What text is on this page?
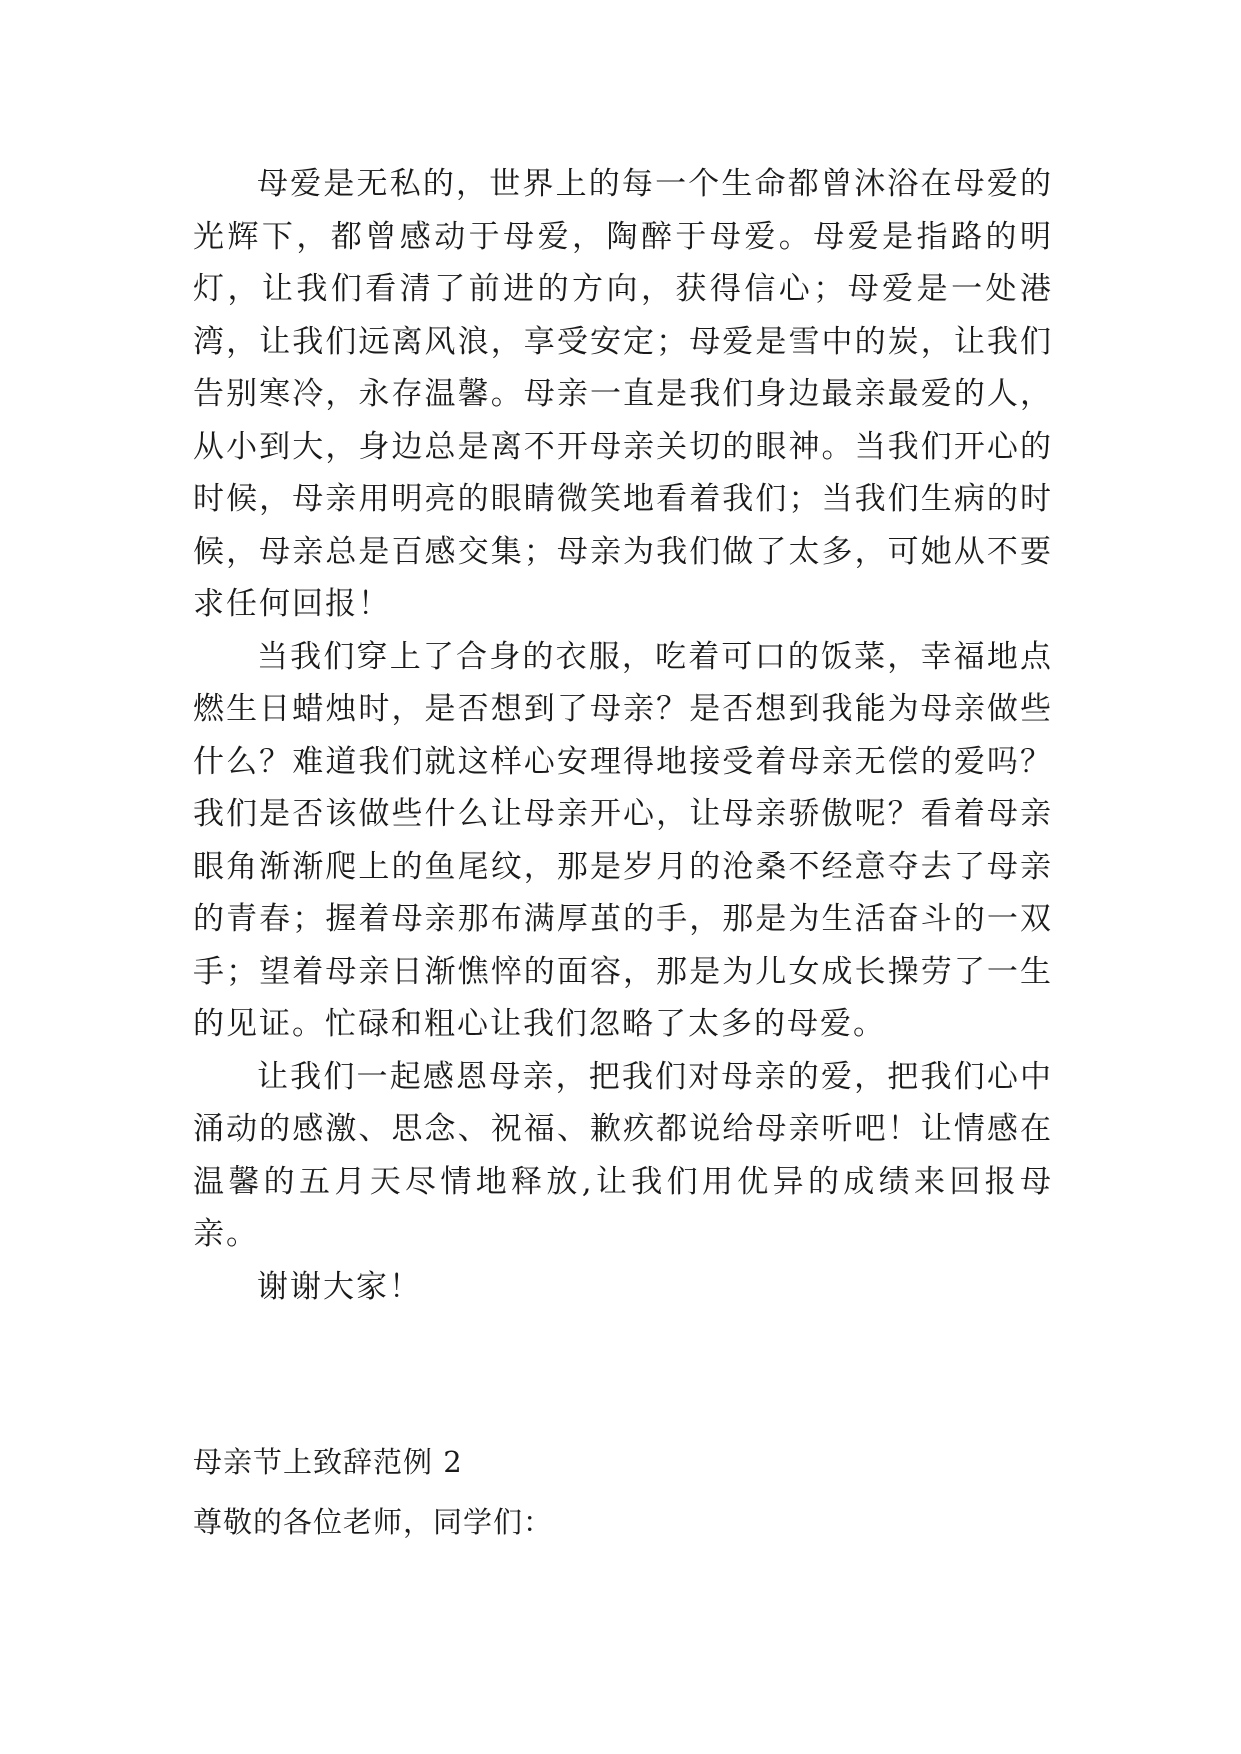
母爱是无私的，世界上的每一个生命都曾沐浴在母爱的光辉下，都曾感动于母爱，陶醉于母爱。母爱是指路的明灯，让我们看清了前进的方向，获得信心；母爱是一处港湾，让我们远离风浪，享受安定；母爱是雪中的炭，让我们告别寒冷，永存温馨。母亲一直是我们身边最亲最爱的人，从小到大，身边总是离不开母亲关切的眼神。当我们开心的时候，母亲用明亮的眼睛微笑地看着我们；当我们生病的时候，母亲总是百感交集；母亲为我们做了太多，可她从不要求任何回报！

当我们穿上了合身的衣服，吃着可口的饭菜，幸福地点燃生日蜡烛时，是否想到了母亲？是否想到我能为母亲做些什么？难道我们就这样心安理得地接受着母亲无偿的爱吗？我们是否该做些什么让母亲开心，让母亲骄傲呢？看着母亲眼角渐渐爬上的鱼尾纹，那是岁月的沧桑不经意夺去了母亲的青春；握着母亲那布满厚茧的手，那是为生活奋斗的一双手；望着母亲日渐憔悴的面容，那是为儿女成长操劳了一生的见证。忙碌和粗心让我们忽略了太多的母爱。

让我们一起感恩母亲，把我们对母亲的爱，把我们心中涌动的感激、思念、祝福、歉疚都说给母亲听吧！让情感在温馨的五月天尽情地释放,让我们用优异的成绩来回报母亲。

谢谢大家！

母亲节上致辞范例 2

尊敬的各位老师，同学们：
